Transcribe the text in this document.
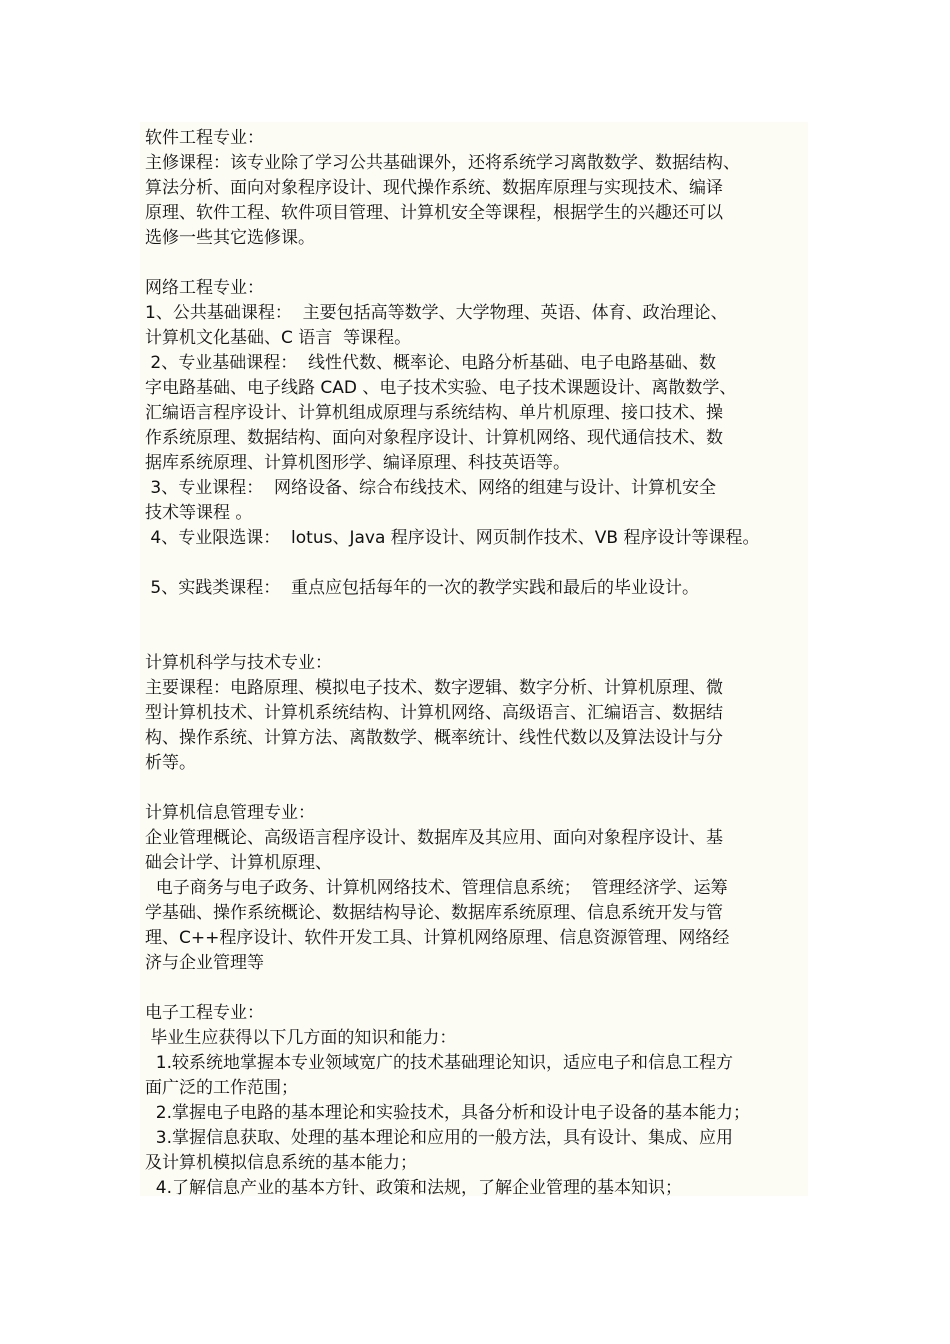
软件工程专业：
主修课程：该专业除了学习公共基础课外，还将系统学习离散数学、数据结构、
算法分析、面向对象程序设计、现代操作系统、数据库原理与实现技术、编译
原理、软件工程、软件项目管理、计算机安全等课程，根据学生的兴趣还可以
选修一些其它选修课。
网络工程专业：
1、公共基础课程：  主要包括高等数学、大学物理、英语、体育、政治理论、
计算机文化基础、C 语言  等课程。
2、专业基础课程：  线性代数、概率论、电路分析基础、电子电路基础、数
字电路基础、电子线路 CAD 、电子技术实验、电子技术课题设计、离散数学、
汇编语言程序设计、计算机组成原理与系统结构、单片机原理、接口技术、操
作系统原理、数据结构、面向对象程序设计、计算机网络、现代通信技术、数
据库系统原理、计算机图形学、编译原理、科技英语等。
3、专业课程：  网络设备、综合布线技术、网络的组建与设计、计算机安全
技术等课程 。
4、专业限选课：  lotus、Java 程序设计、网页制作技术、VB 程序设计等课程。
5、实践类课程：  重点应包括每年的一次的教学实践和最后的毕业设计。
计算机科学与技术专业：
主要课程：电路原理、模拟电子技术、数字逻辑、数字分析、计算机原理、微
型计算机技术、计算机系统结构、计算机网络、高级语言、汇编语言、数据结
构、操作系统、计算方法、离散数学、概率统计、线性代数以及算法设计与分
析等。
计算机信息管理专业：
企业管理概论、高级语言程序设计、数据库及其应用、面向对象程序设计、基
础会计学、计算机原理、
电子商务与电子政务、计算机网络技术、管理信息系统；  管理经济学、运筹
学基础、操作系统概论、数据结构导论、数据库系统原理、信息系统开发与管
理、C++程序设计、软件开发工具、计算机网络原理、信息资源管理、网络经
济与企业管理等
电子工程专业：
毕业生应获得以下几方面的知识和能力：
1.较系统地掌握本专业领域宽广的技术基础理论知识，适应电子和信息工程方
面广泛的工作范围；
2.掌握电子电路的基本理论和实验技术，具备分析和设计电子设备的基本能力；
3.掌握信息获取、处理的基本理论和应用的一般方法，具有设计、集成、应用
及计算机模拟信息系统的基本能力；
4.了解信息产业的基本方针、政策和法规，了解企业管理的基本知识；
